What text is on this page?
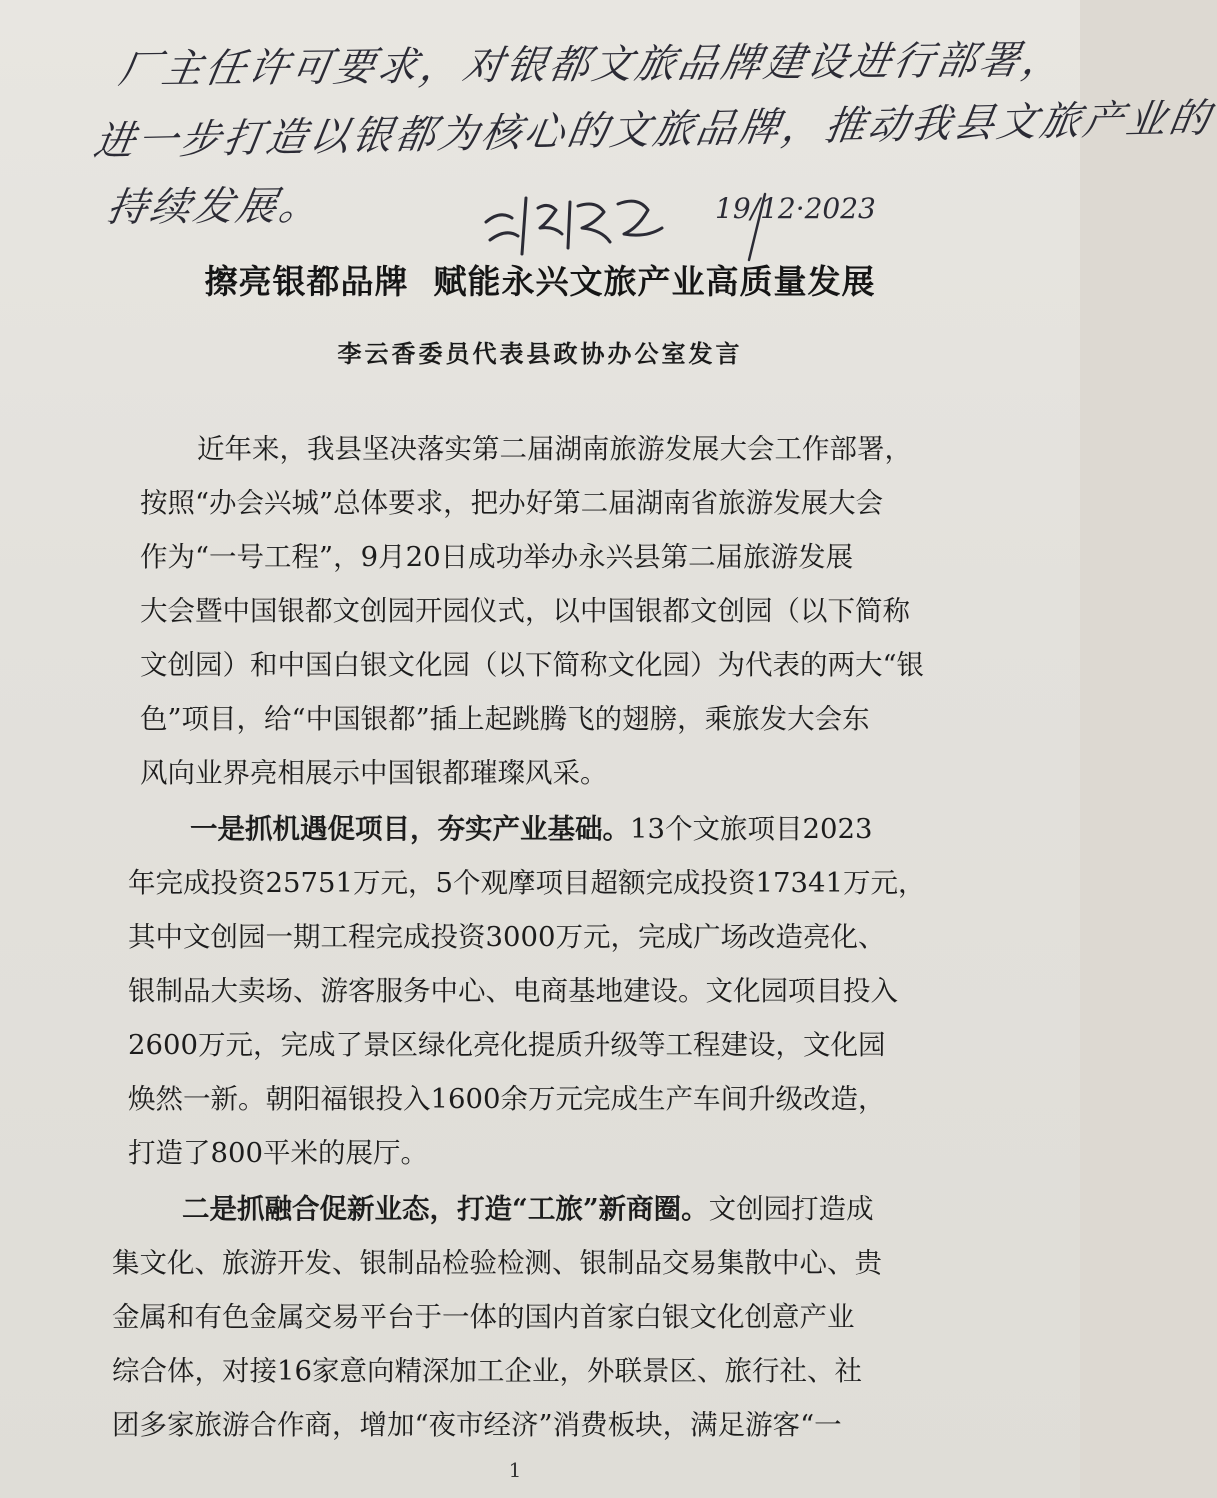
厂主任许可要求，对银都文旅品牌建设进行部署，
进一步打造以银都为核心的文旅品牌，推动我县文旅产业的
持续发展。	19/12·2023
擦亮银都品牌  赋能永兴文旅产业高质量发展
李云香委员代表县政协办公室发言
近年来，我县坚决落实第二届湖南旅游发展大会工作部署，
按照“办会兴城”总体要求，把办好第二届湖南省旅游发展大会
作为“一号工程”，9月20日成功举办永兴县第二届旅游发展
大会暨中国银都文创园开园仪式，以中国银都文创园（以下简称
文创园）和中国白银文化园（以下简称文化园）为代表的两大“银
色”项目，给“中国银都”插上起跳腾飞的翅膀，乘旅发大会东
风向业界亮相展示中国银都璀璨风采。
一是抓机遇促项目，夯实产业基础。13个文旅项目2023
年完成投资25751万元，5个观摩项目超额完成投资17341万元，
其中文创园一期工程完成投资3000万元，完成广场改造亮化、
银制品大卖场、游客服务中心、电商基地建设。文化园项目投入
2600万元，完成了景区绿化亮化提质升级等工程建设，文化园
焕然一新。朝阳福银投入1600余万元完成生产车间升级改造，
打造了800平米的展厅。
二是抓融合促新业态，打造“工旅”新商圈。文创园打造成
集文化、旅游开发、银制品检验检测、银制品交易集散中心、贵
金属和有色金属交易平台于一体的国内首家白银文化创意产业
综合体，对接16家意向精深加工企业，外联景区、旅行社、社
团多家旅游合作商，增加“夜市经济”消费板块，满足游客“一
1
